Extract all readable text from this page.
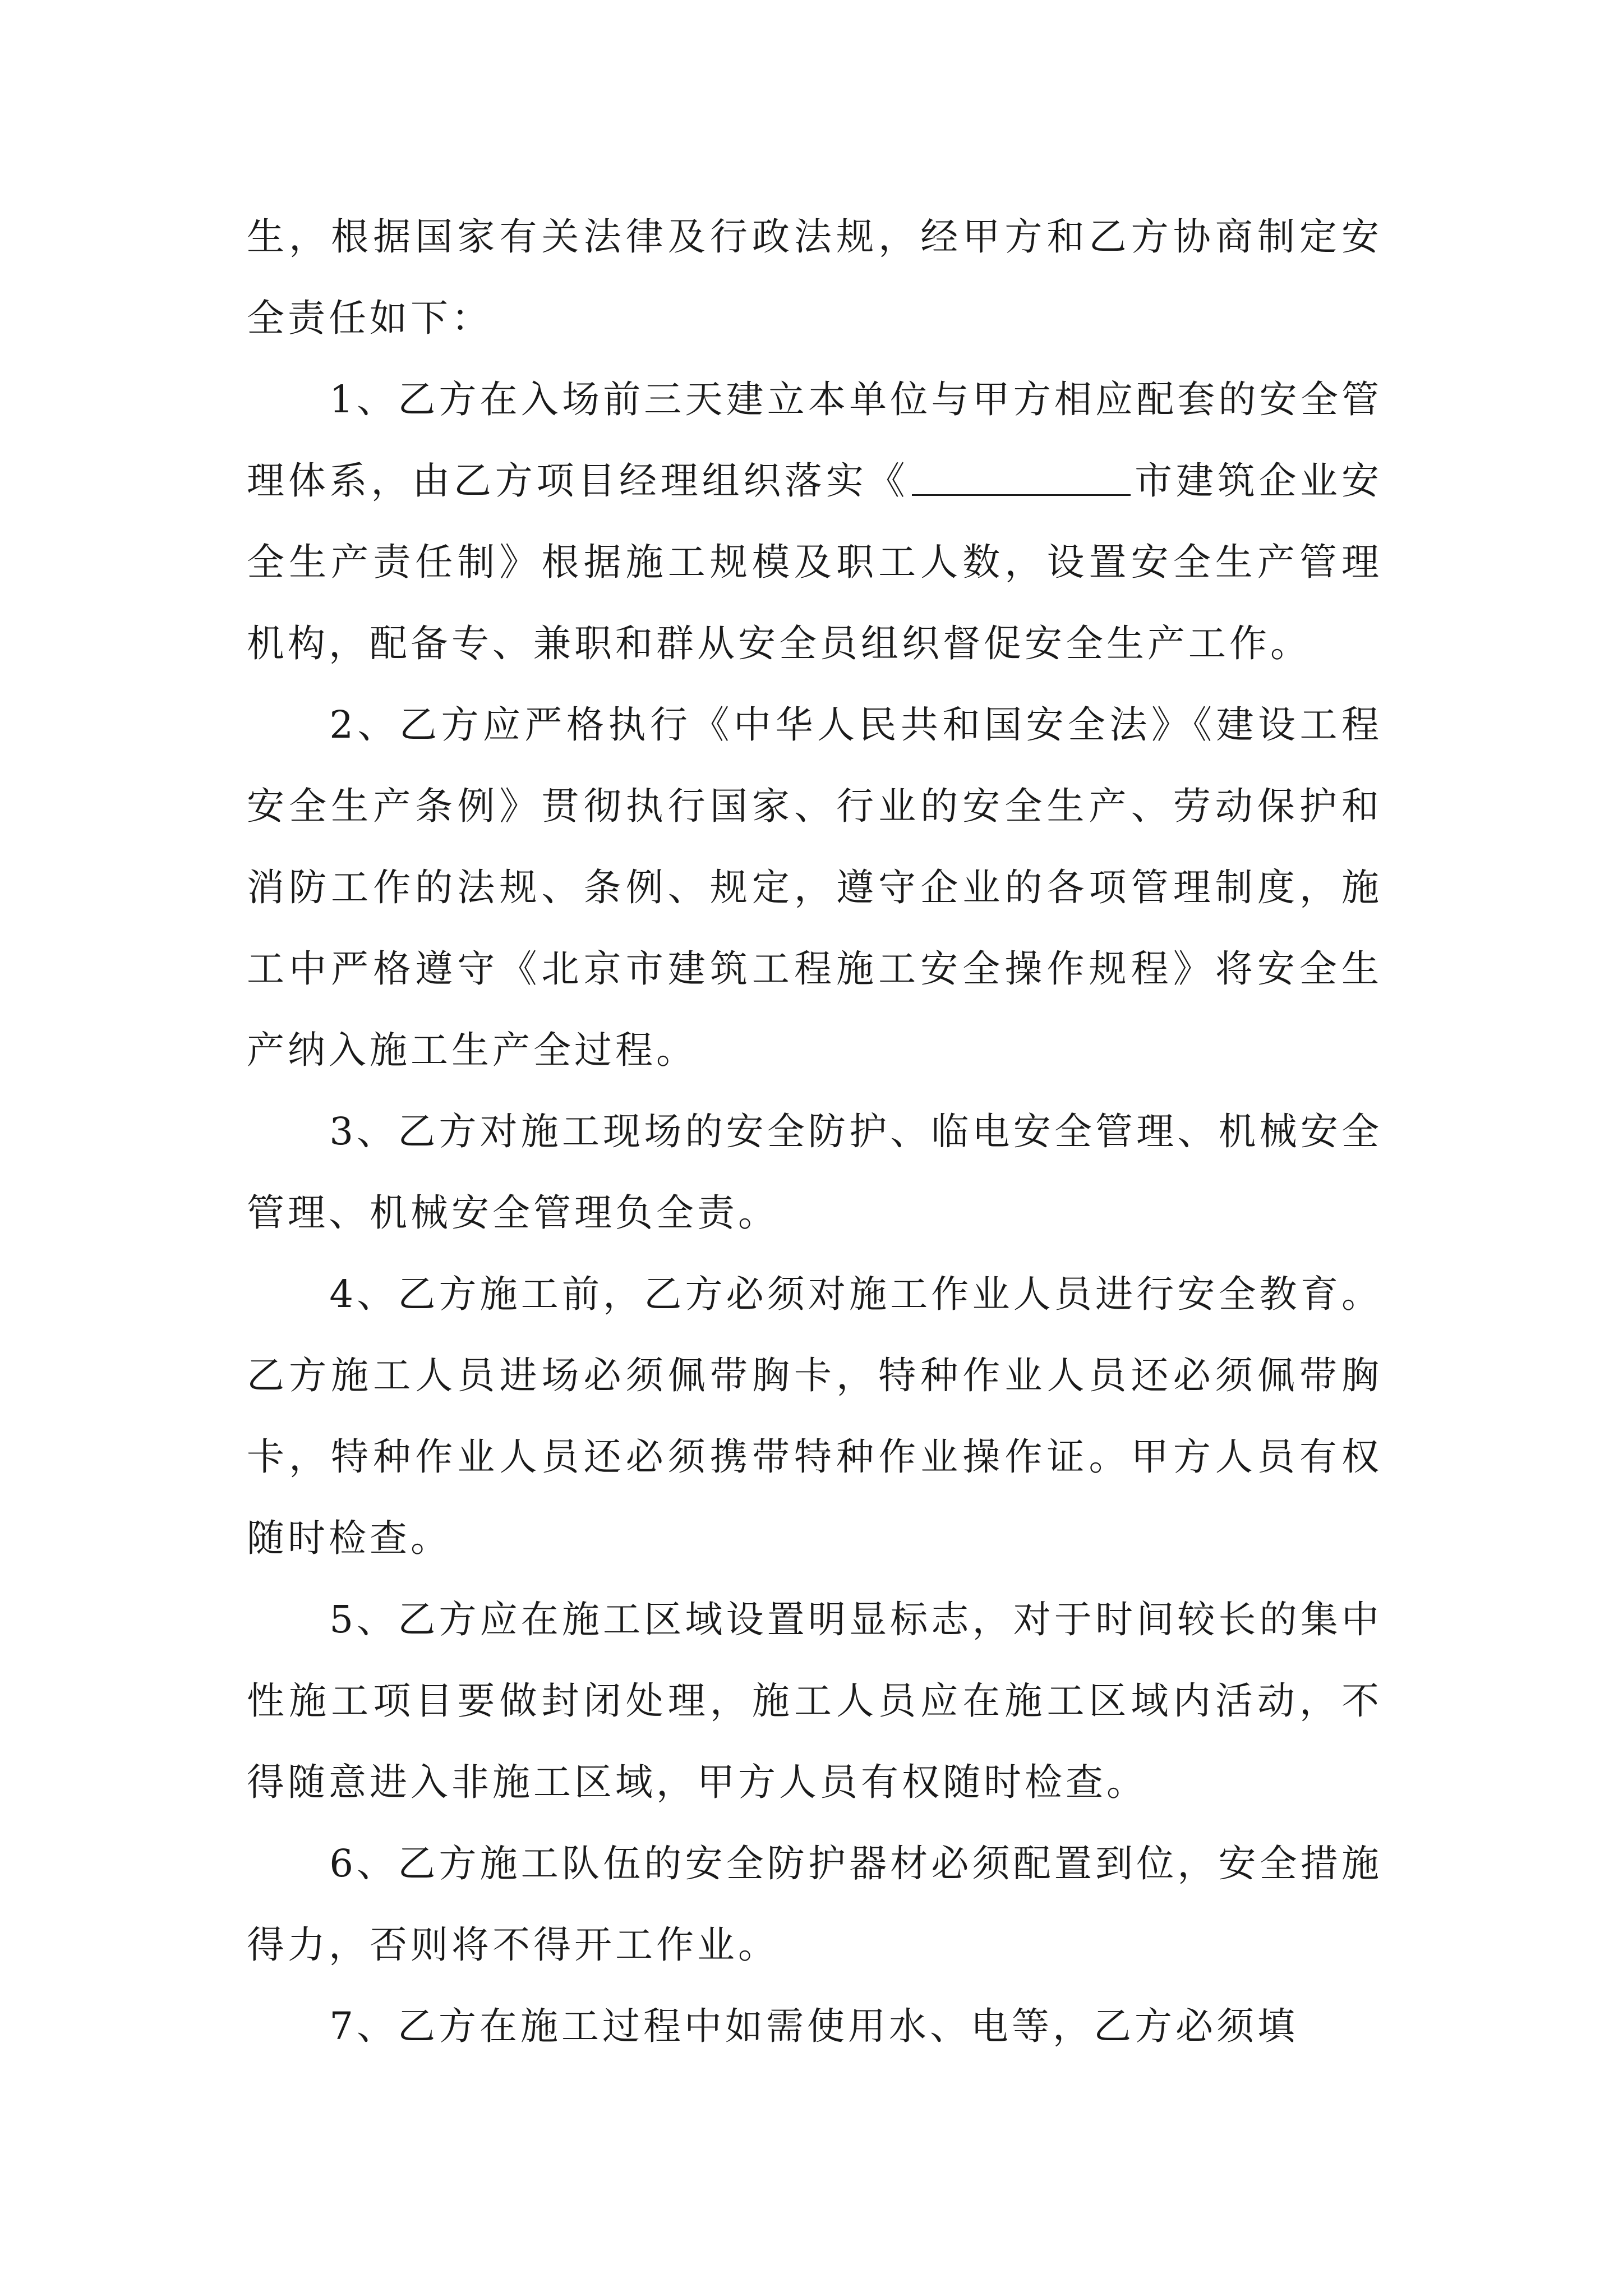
生，根据国家有关法律及行政法规，经甲方和乙方协商制定安全责任如下：

1、乙方在入场前三天建立本单位与甲方相应配套的安全管理体系，由乙方项目经理组织落实《	市建筑企业安全生产责任制》根据施工规模及职工人数，设置安全生产管理机构，配备专、兼职和群从安全员组织督促安全生产工作。

2、乙方应严格执行《中华人民共和国安全法》《建设工程安全生产条例》贯彻执行国家、行业的安全生产、劳动保护和消防工作的法规、条例、规定，遵守企业的各项管理制度，施工中严格遵守《北京市建筑工程施工安全操作规程》将安全生产纳入施工生产全过程。

3、乙方对施工现场的安全防护、临电安全管理、机械安全管理、机械安全管理负全责。

4、乙方施工前，乙方必须对施工作业人员进行安全教育。乙方施工人员进场必须佩带胸卡，特种作业人员还必须佩带胸卡，特种作业人员还必须携带特种作业操作证。甲方人员有权随时检查。

5、乙方应在施工区域设置明显标志，对于时间较长的集中性施工项目要做封闭处理，施工人员应在施工区域内活动，不得随意进入非施工区域，甲方人员有权随时检查。

6、乙方施工队伍的安全防护器材必须配置到位，安全措施得力，否则将不得开工作业。

7、乙方在施工过程中如需使用水、电等，乙方必须填
